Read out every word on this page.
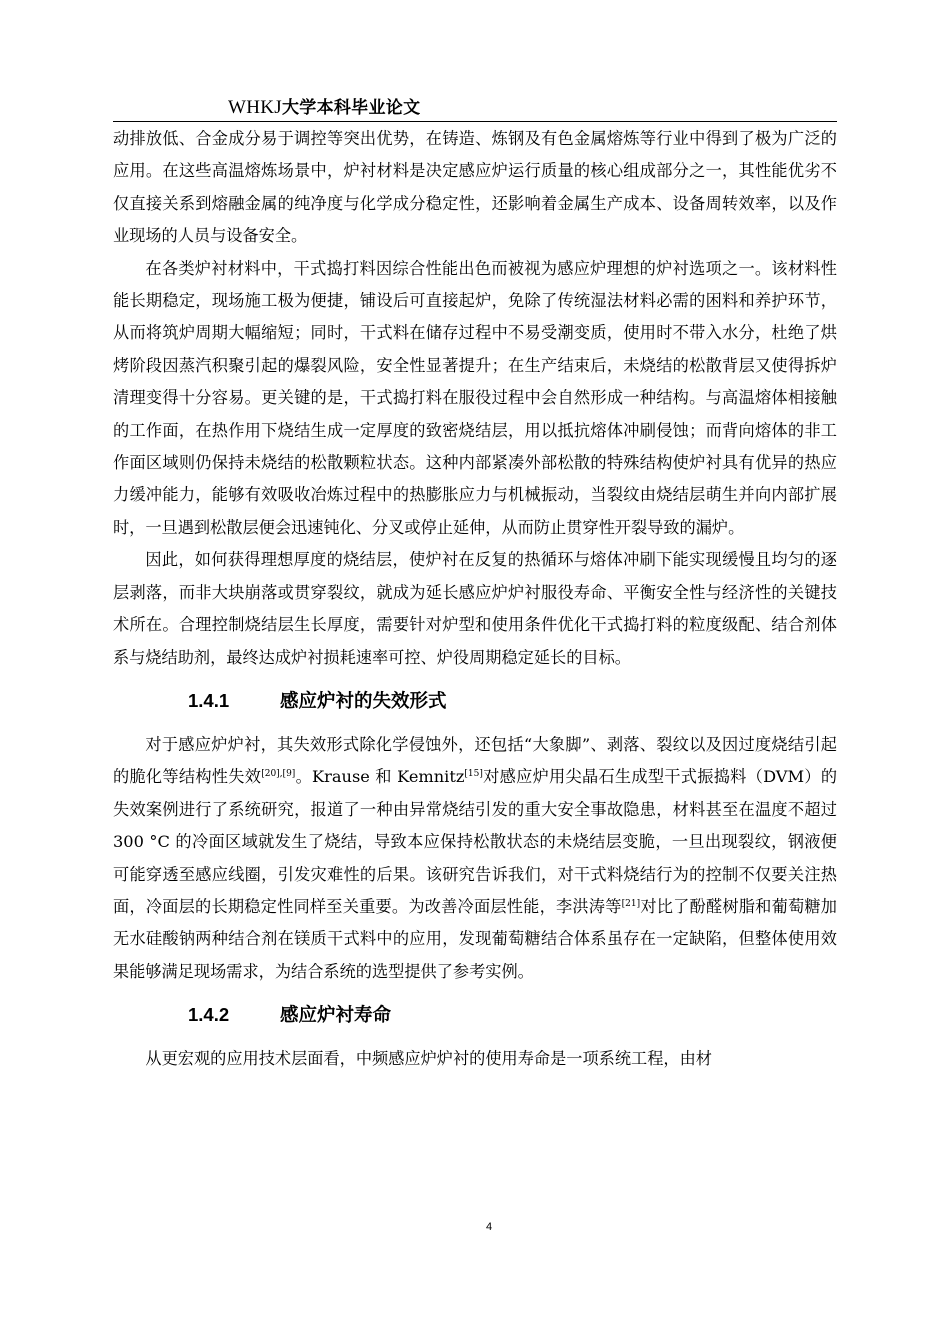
WHKJ大学本科毕业论文

动排放低、合金成分易于调控等突出优势，在铸造、炼钢及有色金属熔炼等行业中得到了极为广泛的应用。在这些高温熔炼场景中，炉衬材料是决定感应炉运行质量的核心组成部分之一，其性能优劣不仅直接关系到熔融金属的纯净度与化学成分稳定性，还影响着金属生产成本、设备周转效率，以及作业现场的人员与设备安全。

在各类炉衬材料中，干式捣打料因综合性能出色而被视为感应炉理想的炉衬选项之一。该材料性能长期稳定，现场施工极为便捷，铺设后可直接起炉，免除了传统湿法材料必需的困料和养护环节，从而将筑炉周期大幅缩短；同时，干式料在储存过程中不易受潮变质，使用时不带入水分，杜绝了烘烤阶段因蒸汽积聚引起的爆裂风险，安全性显著提升；在生产结束后，未烧结的松散背层又使得拆炉清理变得十分容易。更关键的是，干式捣打料在服役过程中会自然形成一种结构。与高温熔体相接触的工作面，在热作用下烧结生成一定厚度的致密烧结层，用以抵抗熔体冲刷侵蚀；而背向熔体的非工作面区域则仍保持未烧结的松散颗粒状态。这种内部紧凑外部松散的特殊结构使炉衬具有优异的热应力缓冲能力，能够有效吸收冶炼过程中的热膨胀应力与机械振动，当裂纹由烧结层萌生并向内部扩展时，一旦遇到松散层便会迅速钝化、分叉或停止延伸，从而防止贯穿性开裂导致的漏炉。

因此，如何获得理想厚度的烧结层，使炉衬在反复的热循环与熔体冲刷下能实现缓慢且均匀的逐层剥落，而非大块崩落或贯穿裂纹，就成为延长感应炉炉衬服役寿命、平衡安全性与经济性的关键技术所在。合理控制烧结层生长厚度，需要针对炉型和使用条件优化干式捣打料的粒度级配、结合剂体系与烧结助剂，最终达成炉衬损耗速率可控、炉役周期稳定延长的目标。

1.4.1	感应炉衬的失效形式

对于感应炉炉衬，其失效形式除化学侵蚀外，还包括“大象脚”、剥落、裂纹以及因过度烧结引起的脆化等结构性失效[20],[9]。Krause 和 Kemnitz[15]对感应炉用尖晶石生成型干式振捣料（DVM）的失效案例进行了系统研究，报道了一种由异常烧结引发的重大安全事故隐患，材料甚至在温度不超过 300 °C 的冷面区域就发生了烧结，导致本应保持松散状态的未烧结层变脆，一旦出现裂纹，钢液便可能穿透至感应线圈，引发灾难性的后果。该研究告诉我们，对干式料烧结行为的控制不仅要关注热面，冷面层的长期稳定性同样至关重要。为改善冷面层性能，李洪涛等[21]对比了酚醛树脂和葡萄糖加无水硅酸钠两种结合剂在镁质干式料中的应用，发现葡萄糖结合体系虽存在一定缺陷，但整体使用效果能够满足现场需求，为结合系统的选型提供了参考实例。

1.4.2	感应炉衬寿命

从更宏观的应用技术层面看，中频感应炉炉衬的使用寿命是一项系统工程，由材

4
